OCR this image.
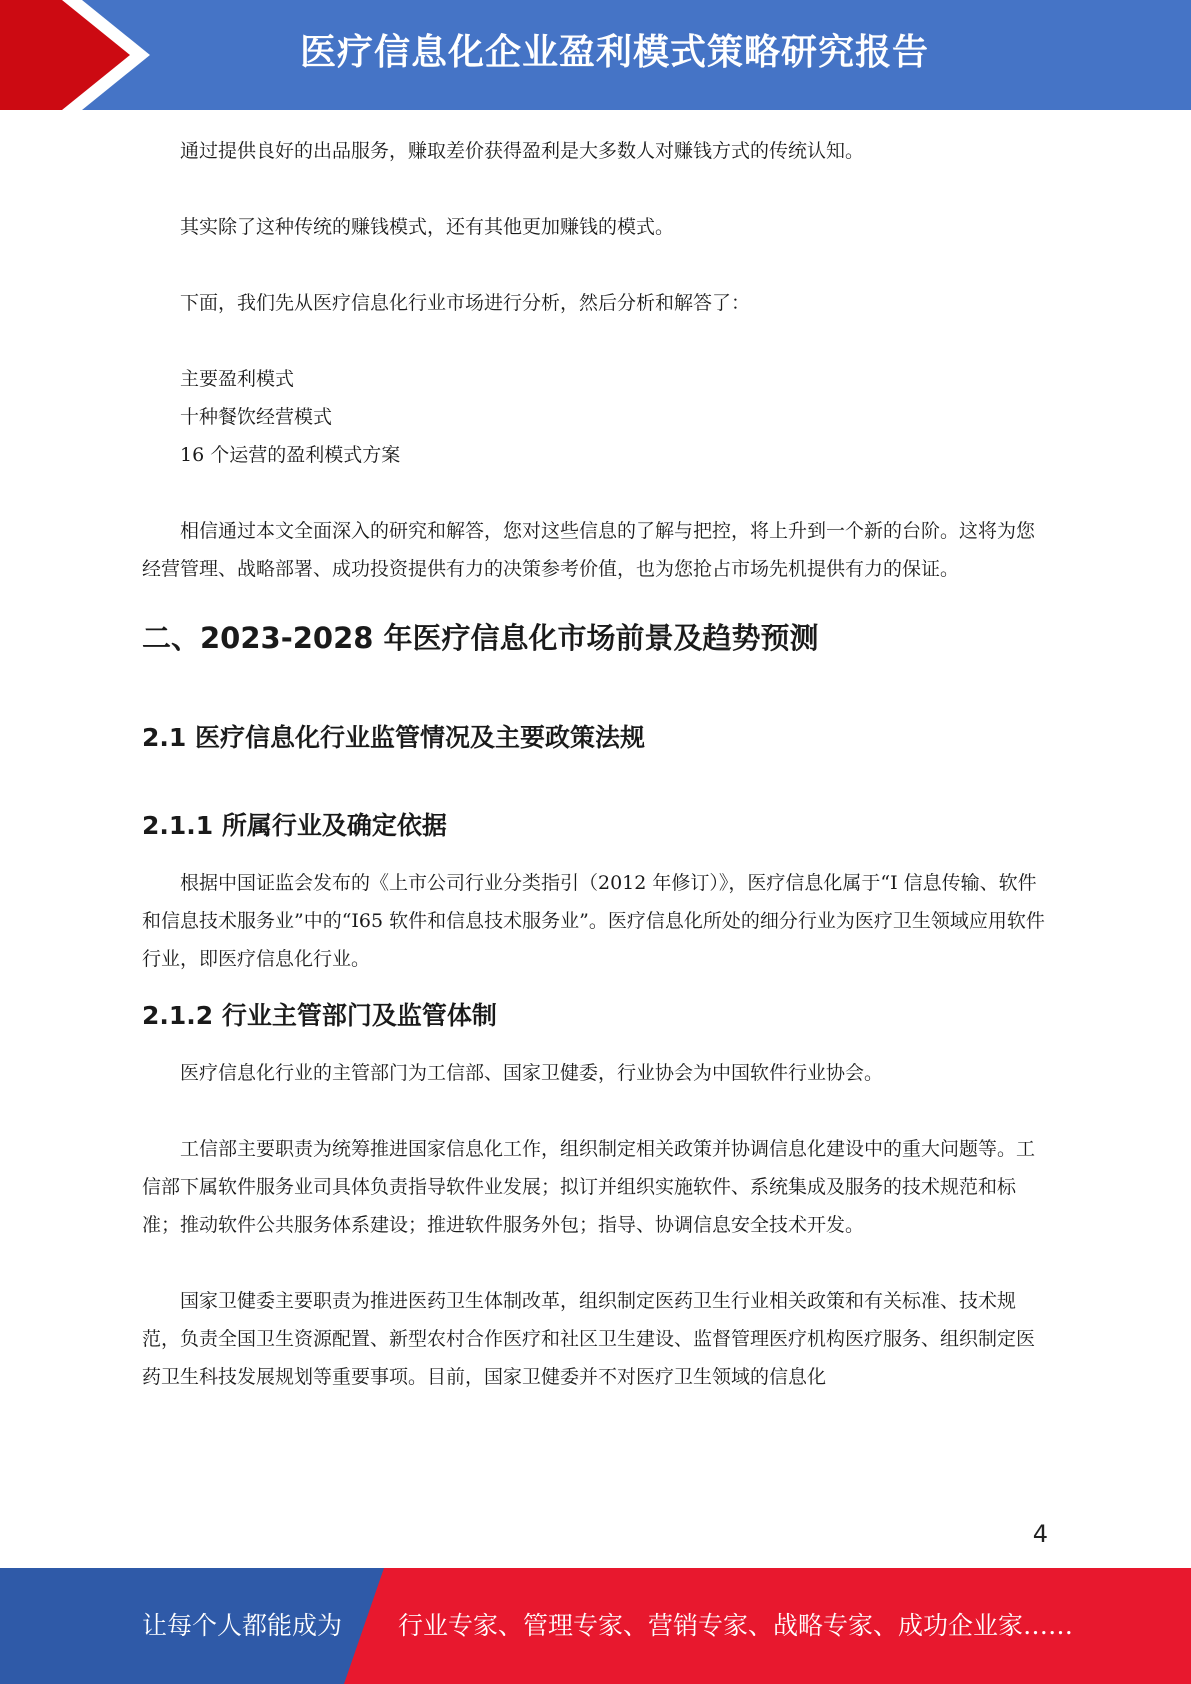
医疗信息化企业盈利模式策略研究报告

通过提供良好的出品服务，赚取差价获得盈利是大多数人对赚钱方式的传统认知。

其实除了这种传统的赚钱模式，还有其他更加赚钱的模式。

下面，我们先从医疗信息化行业市场进行分析，然后分析和解答了：

主要盈利模式
十种餐饮经营模式
16 个运营的盈利模式方案

相信通过本文全面深入的研究和解答，您对这些信息的了解与把控，将上升到一个新的台阶。这将为您经营管理、战略部署、成功投资提供有力的决策参考价值，也为您抢占市场先机提供有力的保证。

二、2023-2028 年医疗信息化市场前景及趋势预测
2.1 医疗信息化行业监管情况及主要政策法规
2.1.1 所属行业及确定依据

根据中国证监会发布的《上市公司行业分类指引（2012 年修订）》，医疗信息化属于“I 信息传输、软件和信息技术服务业”中的“I65 软件和信息技术服务业”。医疗信息化所处的细分行业为医疗卫生领域应用软件行业，即医疗信息化行业。

2.1.2 行业主管部门及监管体制

医疗信息化行业的主管部门为工信部、国家卫健委，行业协会为中国软件行业协会。

工信部主要职责为统筹推进国家信息化工作，组织制定相关政策并协调信息化建设中的重大问题等。工信部下属软件服务业司具体负责指导软件业发展；拟订并组织实施软件、系统集成及服务的技术规范和标准；推动软件公共服务体系建设；推进软件服务外包；指导、协调信息安全技术开发。

国家卫健委主要职责为推进医药卫生体制改革，组织制定医药卫生行业相关政策和有关标准、技术规范，负责全国卫生资源配置、新型农村合作医疗和社区卫生建设、监督管理医疗机构医疗服务、组织制定医药卫生科技发展规划等重要事项。目前，国家卫健委并不对医疗卫生领域的信息化

4
让每个人都能成为 行业专家、管理专家、营销专家、战略专家、成功企业家……
